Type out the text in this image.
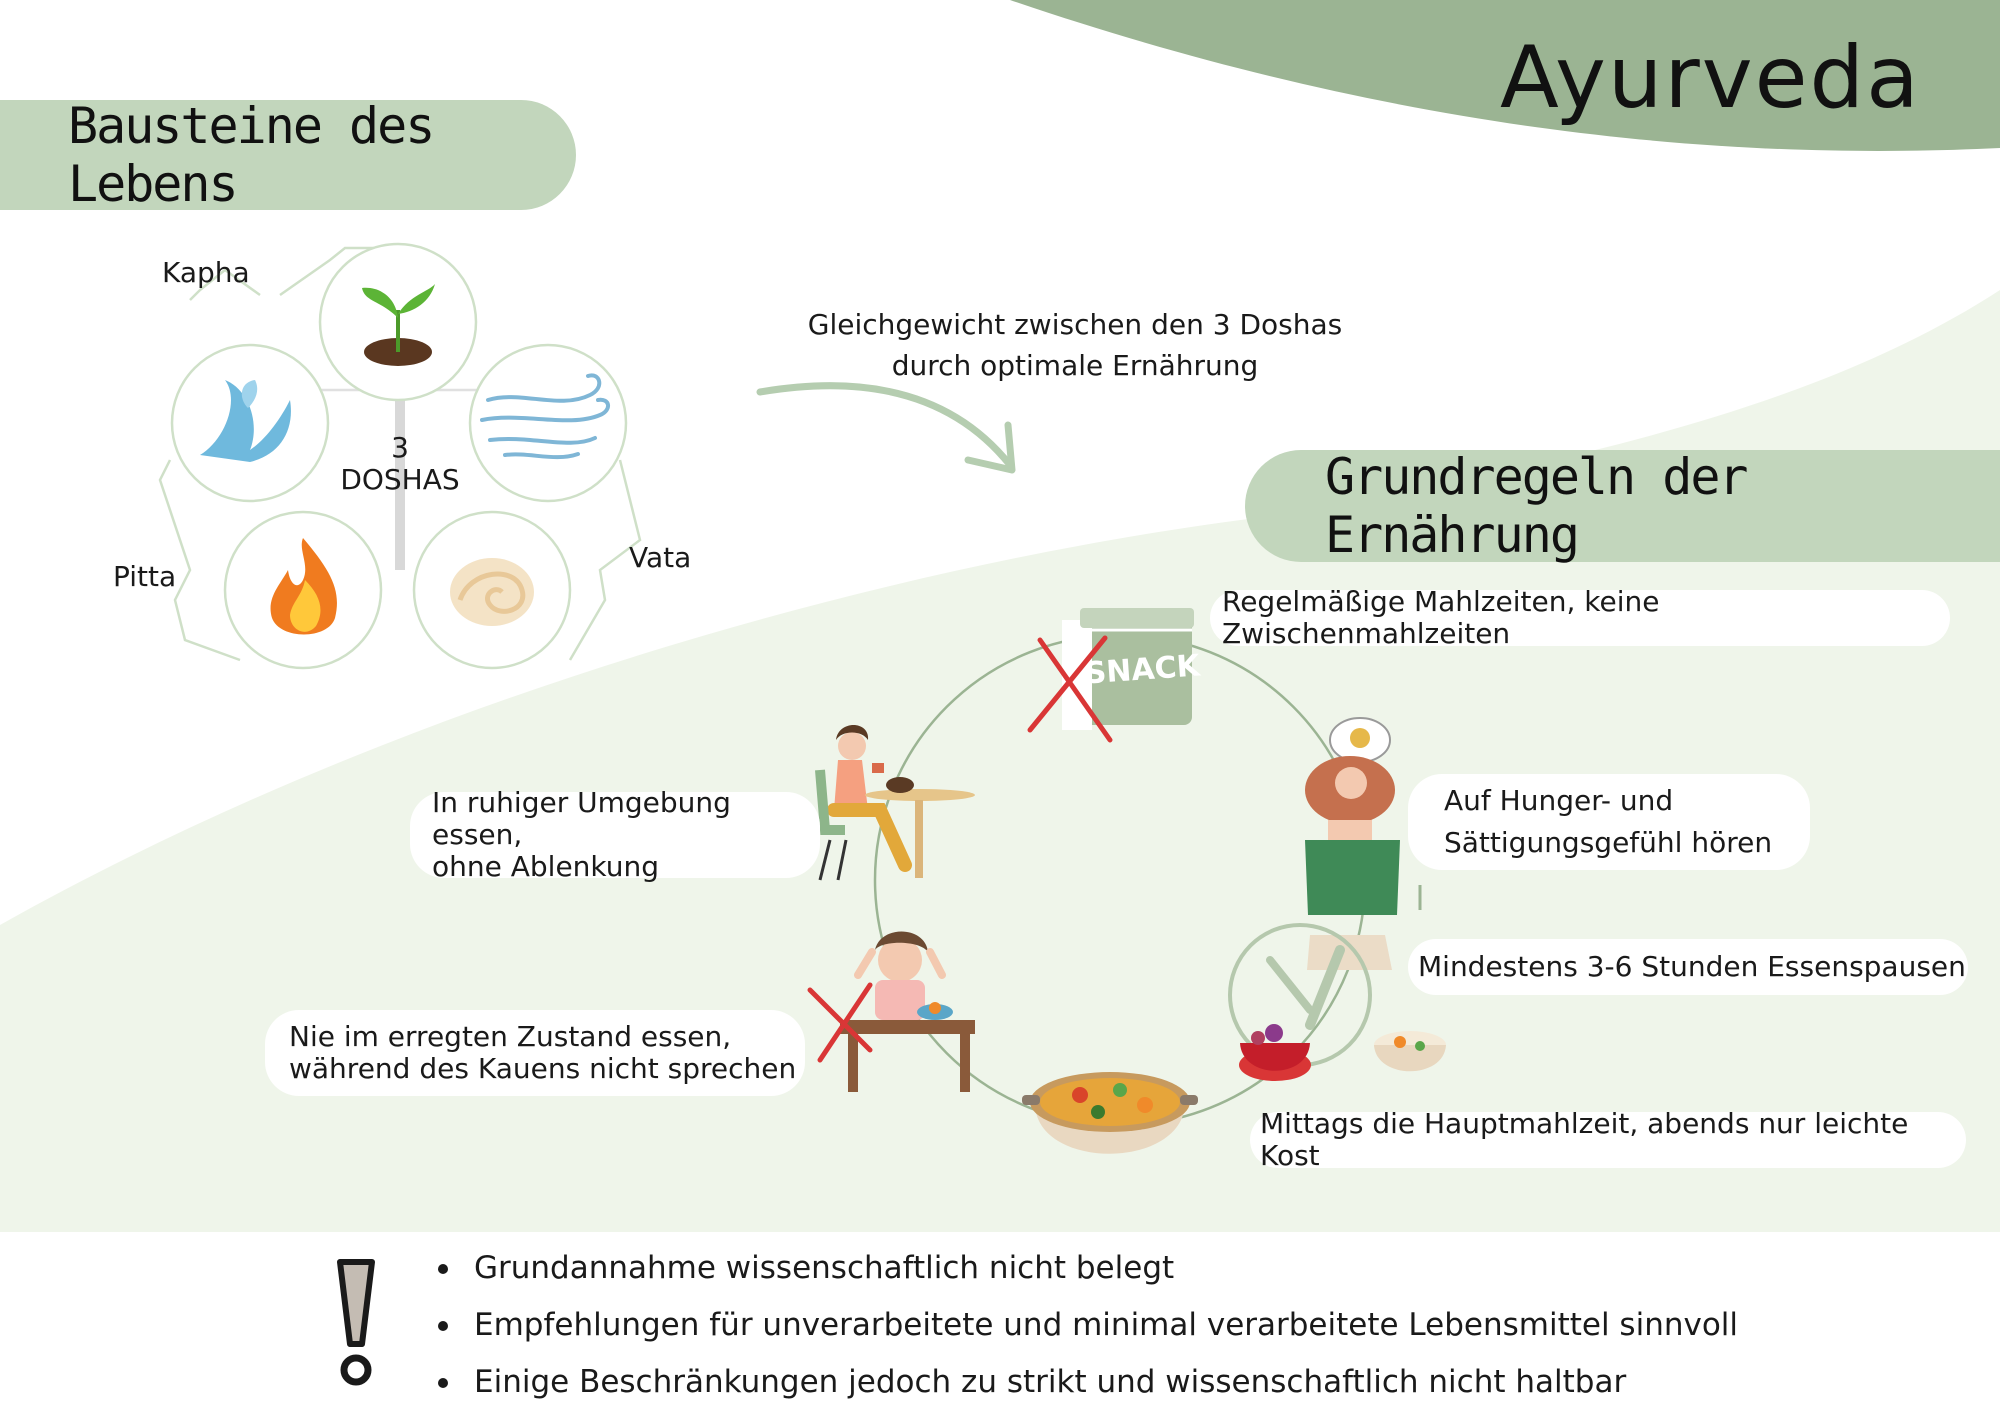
Ayurveda
Bausteine des Lebens
Kapha
Pitta
Vata
3
DOSHAS
Gleichgewicht zwischen den 3 Doshas
durch optimale Ernährung
Grundregeln der Ernährung
SNACK
Regelmäßige Mahlzeiten, keine Zwischenmahlzeiten
Auf Hunger- und
Sättigungsgefühl hören
Mindestens 3-6 Stunden Essenspausen
Mittags die Hauptmahlzeit, abends nur leichte Kost
Nie im erregten Zustand essen,
während des Kauens nicht sprechen
In ruhiger Umgebung essen,
ohne Ablenkung
Grundannahme wissenschaftlich nicht belegt
Empfehlungen für unverarbeitete und minimal verarbeitete Lebensmittel sinnvoll
Einige Beschränkungen jedoch zu strikt und wissenschaftlich nicht haltbar
